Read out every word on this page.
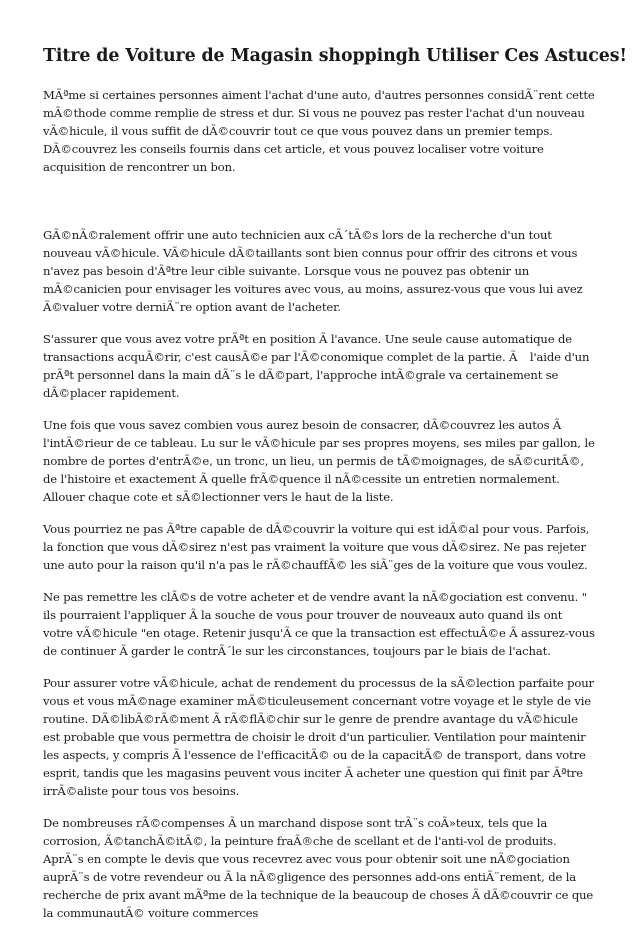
Titre de Voiture de Magasin shoppingh Utiliser Ces Astuces!

MÃªme si certaines personnes aiment l'achat d'une auto, d'autres personnes considÃ¨rent cette mÃ©thode comme remplie de stress et dur. Si vous ne pouvez pas rester l'achat d'un nouveau vÃ©hicule, il vous suffit de dÃ©couvrir tout ce que vous pouvez dans un premier temps. DÃ©couvrez les conseils fournis dans cet article, et vous pouvez localiser votre voiture acquisition de rencontrer un bon.

GÃ©nÃ©ralement offrir une auto technicien aux cÃ´tÃ©s lors de la recherche d'un tout nouveau vÃ©hicule. VÃ©hicule dÃ©taillants sont bien connus pour offrir des citrons et vous n'avez pas besoin d'Ãªtre leur cible suivante. Lorsque vous ne pouvez pas obtenir un mÃ©canicien pour envisager les voitures avec vous, au moins, assurez-vous que vous lui avez Ã©valuer votre derniÃ¨re option avant de l'acheter.

S'assurer que vous avez votre prÃªt en position Ã l'avance. Une seule cause automatique de transactions acquÃ©rir, c'est causÃ©e par l'Ã©conomique complet de la partie. Ã l'aide d'un prÃªt personnel dans la main dÃ¨s le dÃ©part, l'approche intÃ©grale va certainement se dÃ©placer rapidement.

Une fois que vous savez combien vous aurez besoin de consacrer, dÃ©couvrez les autos Ã l'intÃ©rieur de ce tableau. Lu sur le vÃ©hicule par ses propres moyens, ses miles par gallon, le nombre de portes d'entrÃ©e, un tronc, un lieu, un permis de tÃ©moignages, de sÃ©curitÃ©, de l'histoire et exactement Ã quelle frÃ©quence il nÃ©cessite un entretien normalement. Allouer chaque cote et sÃ©lectionner vers le haut de la liste.

Vous pourriez ne pas Ãªtre capable de dÃ©couvrir la voiture qui est idÃ©al pour vous. Parfois, la fonction que vous dÃ©sirez n'est pas vraiment la voiture que vous dÃ©sirez. Ne pas rejeter une auto pour la raison qu'il n'a pas le rÃ©chauffÃ© les siÃ¨ges de la voiture que vous voulez.

Ne pas remettre les clÃ©s de votre acheter et de vendre avant la nÃ©gociation est convenu. " ils pourraient l'appliquer Ã la souche de vous pour trouver de nouveaux auto quand ils ont votre vÃ©hicule "en otage. Retenir jusqu'Ã ce que la transaction est effectuÃ©e Ã assurez-vous de continuer Ã garder le contrÃ´le sur les circonstances, toujours par le biais de l'achat.

Pour assurer votre vÃ©hicule, achat de rendement du processus de la sÃ©lection parfaite pour vous et vous mÃ©nage examiner mÃ©ticuleusement concernant votre voyage et le style de vie routine. DÃ©libÃ©rÃ©ment Ã rÃ©flÃ©chir sur le genre de prendre avantage du vÃ©hicule est probable que vous permettra de choisir le droit d'un particulier. Ventilation pour maintenir les aspects, y compris Ã l'essence de l'efficacitÃ© ou de la capacitÃ© de transport, dans votre esprit, tandis que les magasins peuvent vous inciter Ã acheter une question qui finit par Ãªtre irrÃ©aliste pour tous vos besoins.

De nombreuses rÃ©compenses Ã un marchand dispose sont trÃ¨s coÃ»teux, tels que la corrosion, Ã©tanchÃ©itÃ©, la peinture fraÃ®che de scellant et de l'anti-vol de produits. AprÃ¨s en compte le devis que vous recevrez avec vous pour obtenir soit une nÃ©gociation auprÃ¨s de votre revendeur ou Ã la nÃ©gligence des personnes add-ons entiÃ¨rement, de la recherche de prix avant mÃªme de la technique de la beaucoup de choses Ã dÃ©couvrir ce que la communautÃ© voiture commerces
